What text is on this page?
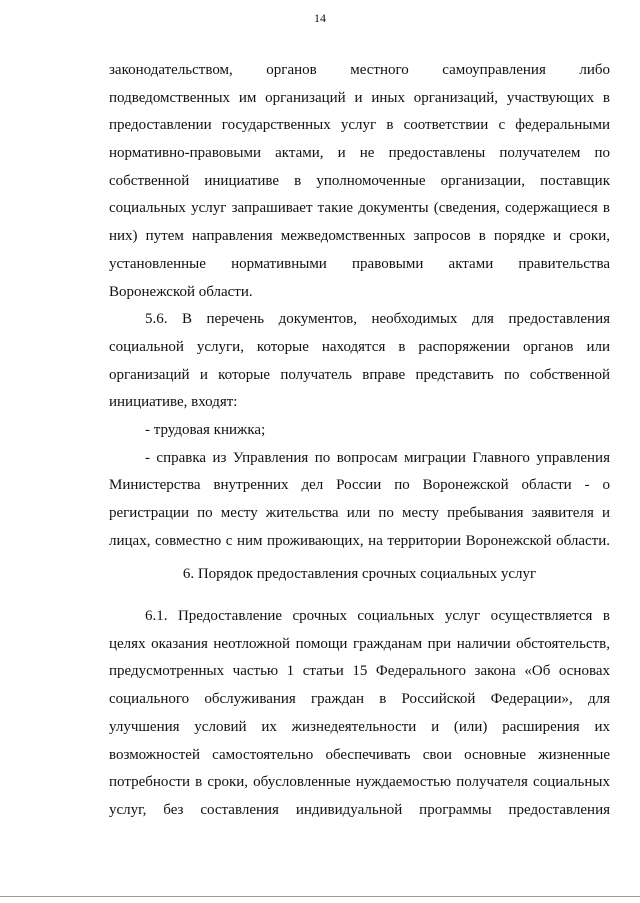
14
законодательством, органов местного самоуправления либо
подведомственных им организаций и иных организаций, участвующих в
предоставлении государственных услуг в соответствии с федеральными
нормативно-правовыми актами, и не предоставлены получателем по
собственной инициативе в уполномоченные организации, поставщик
социальных услуг запрашивает такие документы (сведения, содержащиеся в
них) путем направления межведомственных запросов в порядке и сроки,
установленные нормативными правовыми актами правительства
Воронежской области.
5.6. В перечень документов, необходимых для предоставления
социальной услуги, которые находятся в распоряжении органов или
организаций и которые получатель вправе представить по собственной
инициативе, входят:
- трудовая книжка;
- справка из Управления по вопросам миграции Главного управления
Министерства внутренних дел России по Воронежской области - о
регистрации по месту жительства или по месту пребывания заявителя и
лицах, совместно с ним проживающих, на территории Воронежской области.
6. Порядок предоставления срочных социальных услуг
6.1. Предоставление срочных социальных услуг осуществляется в
целях оказания неотложной помощи гражданам при наличии обстоятельств,
предусмотренных частью 1 статьи 15 Федерального закона «Об основах
социального обслуживания граждан в Российской Федерации», для
улучшения условий их жизнедеятельности и (или) расширения их
возможностей самостоятельно обеспечивать свои основные жизненные
потребности в сроки, обусловленные нуждаемостью получателя социальных
услуг, без составления индивидуальной программы предоставления
